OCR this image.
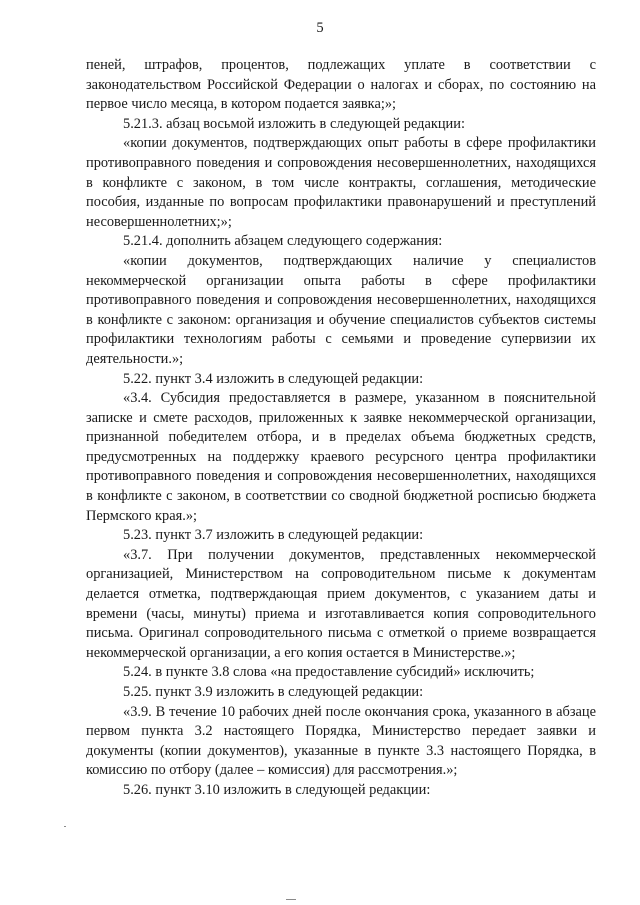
5

пеней, штрафов, процентов, подлежащих уплате в соответствии с законодательством Российской Федерации о налогах и сборах, по состоянию на первое число месяца, в котором подается заявка;»;

5.21.3. абзац восьмой изложить в следующей редакции:

«копии документов, подтверждающих опыт работы в сфере профилактики противоправного поведения и сопровождения несовершеннолетних, находящихся в конфликте с законом, в том числе контракты, соглашения, методические пособия, изданные по вопросам профилактики правонарушений и преступлений несовершеннолетних;»;

5.21.4. дополнить абзацем следующего содержания:

«копии документов, подтверждающих наличие у специалистов некоммерческой организации опыта работы в сфере профилактики противоправного поведения и сопровождения несовершеннолетних, находящихся в конфликте с законом: организация и обучение специалистов субъектов системы профилактики технологиям работы с семьями и проведение супервизии их деятельности.»;

5.22. пункт 3.4 изложить в следующей редакции:

«3.4. Субсидия предоставляется в размере, указанном в пояснительной записке и смете расходов, приложенных к заявке некоммерческой организации, признанной победителем отбора, и в пределах объема бюджетных средств, предусмотренных на поддержку краевого ресурсного центра профилактики противоправного поведения и сопровождения несовершеннолетних, находящихся в конфликте с законом, в соответствии со сводной бюджетной росписью бюджета Пермского края.»;

5.23. пункт 3.7 изложить в следующей редакции:

«3.7. При получении документов, представленных некоммерческой организацией, Министерством на сопроводительном письме к документам делается отметка, подтверждающая прием документов, с указанием даты и времени (часы, минуты) приема и изготавливается копия сопроводительного письма. Оригинал сопроводительного письма с отметкой о приеме возвращается некоммерческой организации, а его копия остается в Министерстве.»;

5.24. в пункте 3.8 слова «на предоставление субсидий» исключить;

5.25. пункт 3.9 изложить в следующей редакции:

«3.9. В течение 10 рабочих дней после окончания срока, указанного в абзаце первом пункта 3.2 настоящего Порядка, Министерство передает заявки и документы (копии документов), указанные в пункте 3.3 настоящего Порядка, в комиссию по отбору (далее – комиссия) для рассмотрения.»;

5.26. пункт 3.10 изложить в следующей редакции:
